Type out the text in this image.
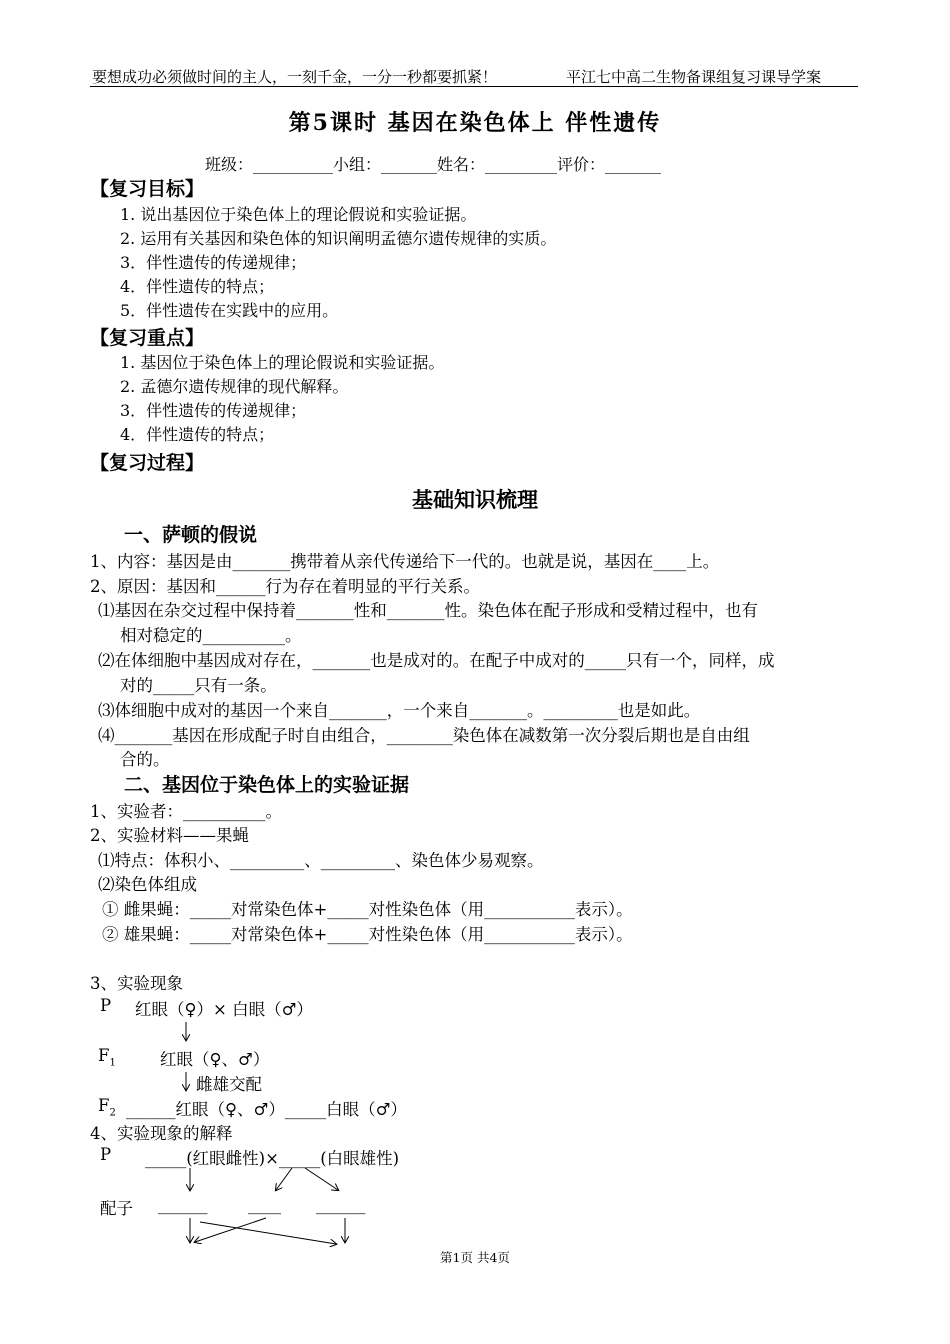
要想成功必须做时间的主人，一刻千金，一分一秒都要抓紧！	平江七中高二生物备课组复习课导学案
第5课时 基因在染色体上 伴性遗传
班级：__________小组：_______姓名：_________评价：_______
【复习目标】
1. 说出基因位于染色体上的理论假说和实验证据。
2. 运用有关基因和染色体的知识阐明孟德尔遗传规律的实质。
3．伴性遗传的传递规律；
4．伴性遗传的特点；
5．伴性遗传在实践中的应用。
【复习重点】
1. 基因位于染色体上的理论假说和实验证据。
2. 孟德尔遗传规律的现代解释。
3．伴性遗传的传递规律；
4．伴性遗传的特点；
【复习过程】
基础知识梳理
一、萨顿的假说
1、内容：基因是由_______携带着从亲代传递给下一代的。也就是说，基因在____上。
2、原因：基因和______行为存在着明显的平行关系。
⑴基因在杂交过程中保持着_______性和_______性。染色体在配子形成和受精过程中，也有
相对稳定的__________。
⑵在体细胞中基因成对存在，_______也是成对的。在配子中成对的_____只有一个，同样，成
对的_____只有一条。
⑶体细胞中成对的基因一个来自_______，一个来自_______。_________也是如此。
⑷_______基因在形成配子时自由组合，________染色体在减数第一次分裂后期也是自由组
合的。
二、基因位于染色体上的实验证据
1、实验者：__________。
2、实验材料——果蝇
⑴特点：体积小、_________、_________、染色体少易观察。
⑵染色体组成
① 雌果蝇：_____对常染色体+_____对性染色体（用___________表示）。
② 雄果蝇：_____对常染色体+_____对性染色体（用___________表示）。
3、实验现象
P 红眼（♀）× 白眼（♂）
$F_1$	红眼（♀、♂）
雌雄交配
$F_2$ ______红眼（♀、♂）_____白眼（♂）
4、实验现象的解释
P _____(红眼雌性)×_____(白眼雄性)
配子 ______ ____ ______
第1页 共4页
